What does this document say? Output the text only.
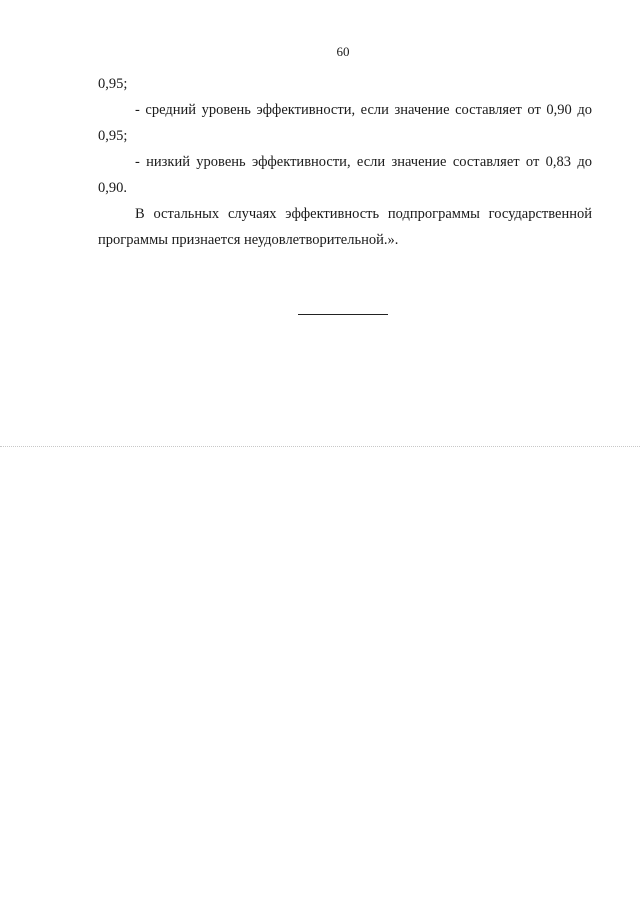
60

0,95;

- средний уровень эффективности, если значение составляет от 0,90 до 0,95;

- низкий уровень эффективности, если значение составляет от 0,83 до 0,90.

В остальных случаях эффективность подпрограммы государственной программы признается неудовлетворительной.».
